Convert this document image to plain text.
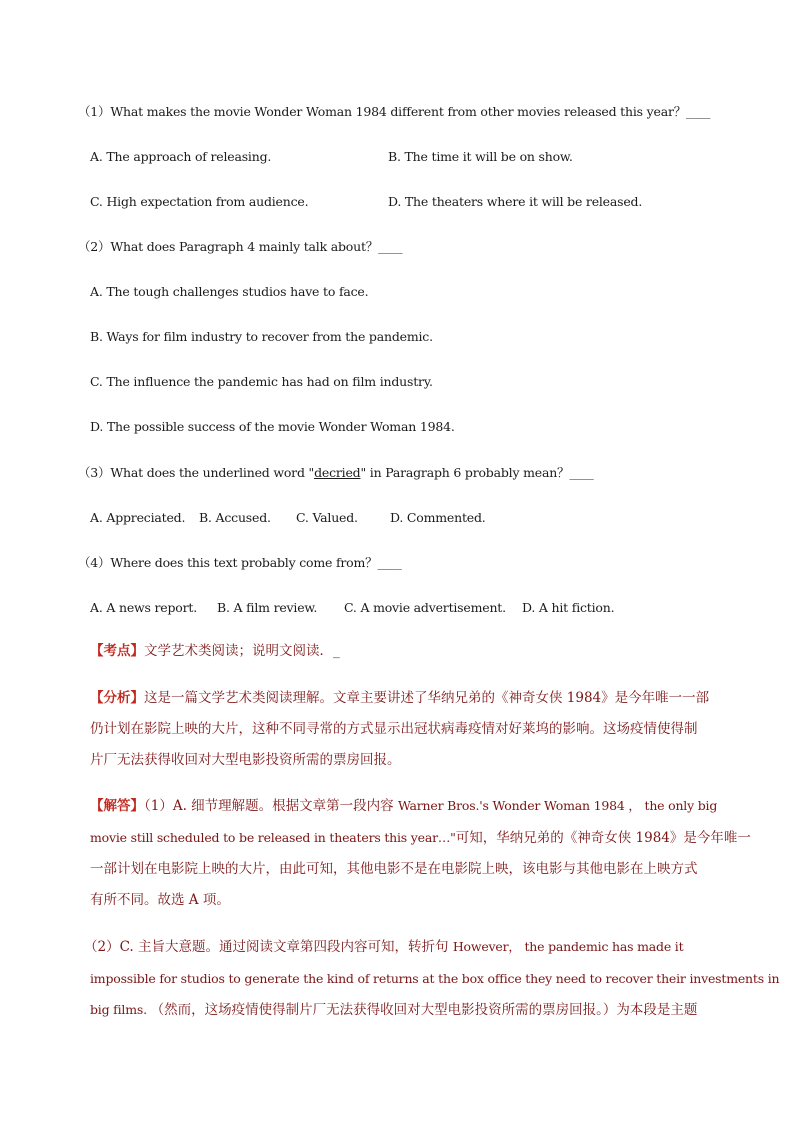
（1）What makes the movie Wonder Woman 1984 different from other movies released this year？____
A. The approach of releasing.	B. The time it will be on show.
C. High expectation from audience.	D. The theaters where it will be released.
（2）What does Paragraph 4 mainly talk about？____
A. The tough challenges studios have to face.
B. Ways for film industry to recover from the pandemic.
C. The influence the pandemic has had on film industry.
D. The possible success of the movie Wonder Woman 1984.
（3）What does the underlined word "decried" in Paragraph 6 probably mean？____
A. Appreciated. B. Accused. C. Valued.	D. Commented.
（4）Where does this text probably come from？____
A. A news report. B. A film review. C. A movie advertisement. D. A hit fiction.
【考点】文学艺术类阅读；说明文阅读．_
【分析】这是一篇文学艺术类阅读理解。文章主要讲述了华纳兄弟的《神奇女侠 1984》是今年唯一一部
仍计划在影院上映的大片，这种不同寻常的方式显示出冠状病毒疫情对好莱坞的影响。这场疫情使得制
片厂无法获得收回对大型电影投资所需的票房回报。
【解答】（1）A. 细节理解题。根据文章第一段内容 Warner Bros.'s Wonder Woman 1984 ， the only big
movie still scheduled to be released in theaters this year…"可知，华纳兄弟的《神奇女侠 1984》是今年唯一
一部计划在电影院上映的大片，由此可知，其他电影不是在电影院上映，该电影与其他电影在上映方式
有所不同。故选 A 项。
（2）C. 主旨大意题。通过阅读文章第四段内容可知，转折句 However， the pandemic has made it
impossible for studios to generate the kind of returns at the box office they need to recover their investments in
big films. （然而，这场疫情使得制片厂无法获得收回对大型电影投资所需的票房回报。）为本段是主题
